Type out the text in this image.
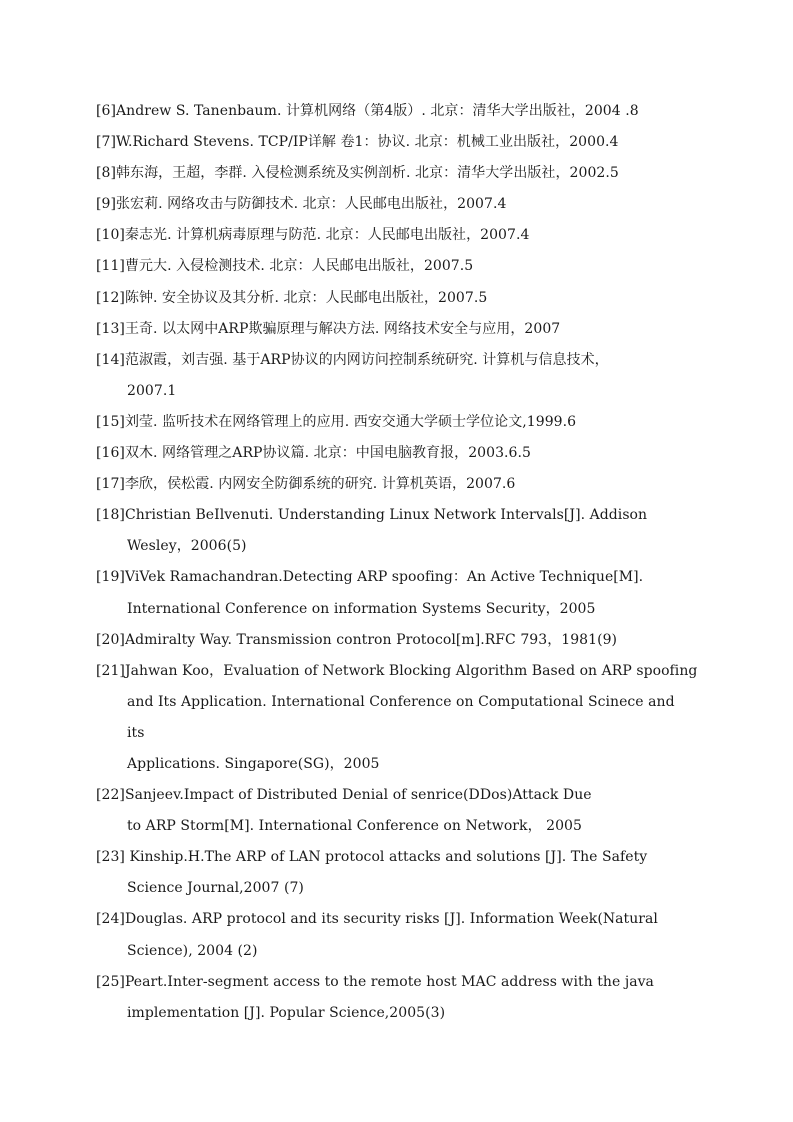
[6]Andrew S. Tanenbaum. 计算机网络（第4版）. 北京：清华大学出版社，2004 .8
[7]W.Richard Stevens. TCP/IP详解 卷1：协议. 北京：机械工业出版社，2000.4
[8]韩东海，王超，李群. 入侵检测系统及实例剖析. 北京：清华大学出版社，2002.5
[9]张宏莉. 网络攻击与防御技术. 北京：人民邮电出版社，2007.4
[10]秦志光. 计算机病毒原理与防范. 北京：人民邮电出版社，2007.4
[11]曹元大. 入侵检测技术. 北京：人民邮电出版社，2007.5
[12]陈钟. 安全协议及其分析. 北京：人民邮电出版社，2007.5
[13]王奇. 以太网中ARP欺骗原理与解决方法. 网络技术安全与应用，2007
[14]范淑霞，刘吉强. 基于ARP协议的内网访问控制系统研究. 计算机与信息技术，
2007.1
[15]刘莹. 监听技术在网络管理上的应用. 西安交通大学硕士学位论文,1999.6
[16]双木. 网络管理之ARP协议篇. 北京：中国电脑教育报，2003.6.5
[17]李欣，侯松霞. 内网安全防御系统的研究. 计算机英语，2007.6
[18]Christian BeIlvenuti. Understanding Linux Network Intervals[J]. Addison
Wesley，2006(5)
[19]ViVek Ramachandran.Detecting ARP spoofing：An Active Technique[M].
International Conference on information Systems Security，2005
[20]Admiralty Way. Transmission contron Protocol[m].RFC 793，1981(9)
[21]Jahwan Koo，Evaluation of Network Blocking Algorithm Based on ARP spoofing
and Its Application. International Conference on Computational Scinece and
its
Applications. Singapore(SG)，2005
[22]Sanjeev.Impact of Distributed Denial of senrice(DDos)Attack Due
to ARP Storm[M]. International Conference on Network， 2005
[23] Kinship.H.The ARP of LAN protocol attacks and solutions [J]. The Safety
Science Journal,2007 (7)
[24]Douglas. ARP protocol and its security risks [J]. Information Week(Natural
Science), 2004 (2)
[25]Peart.Inter-segment access to the remote host MAC address with the java
implementation [J]. Popular Science,2005(3)
